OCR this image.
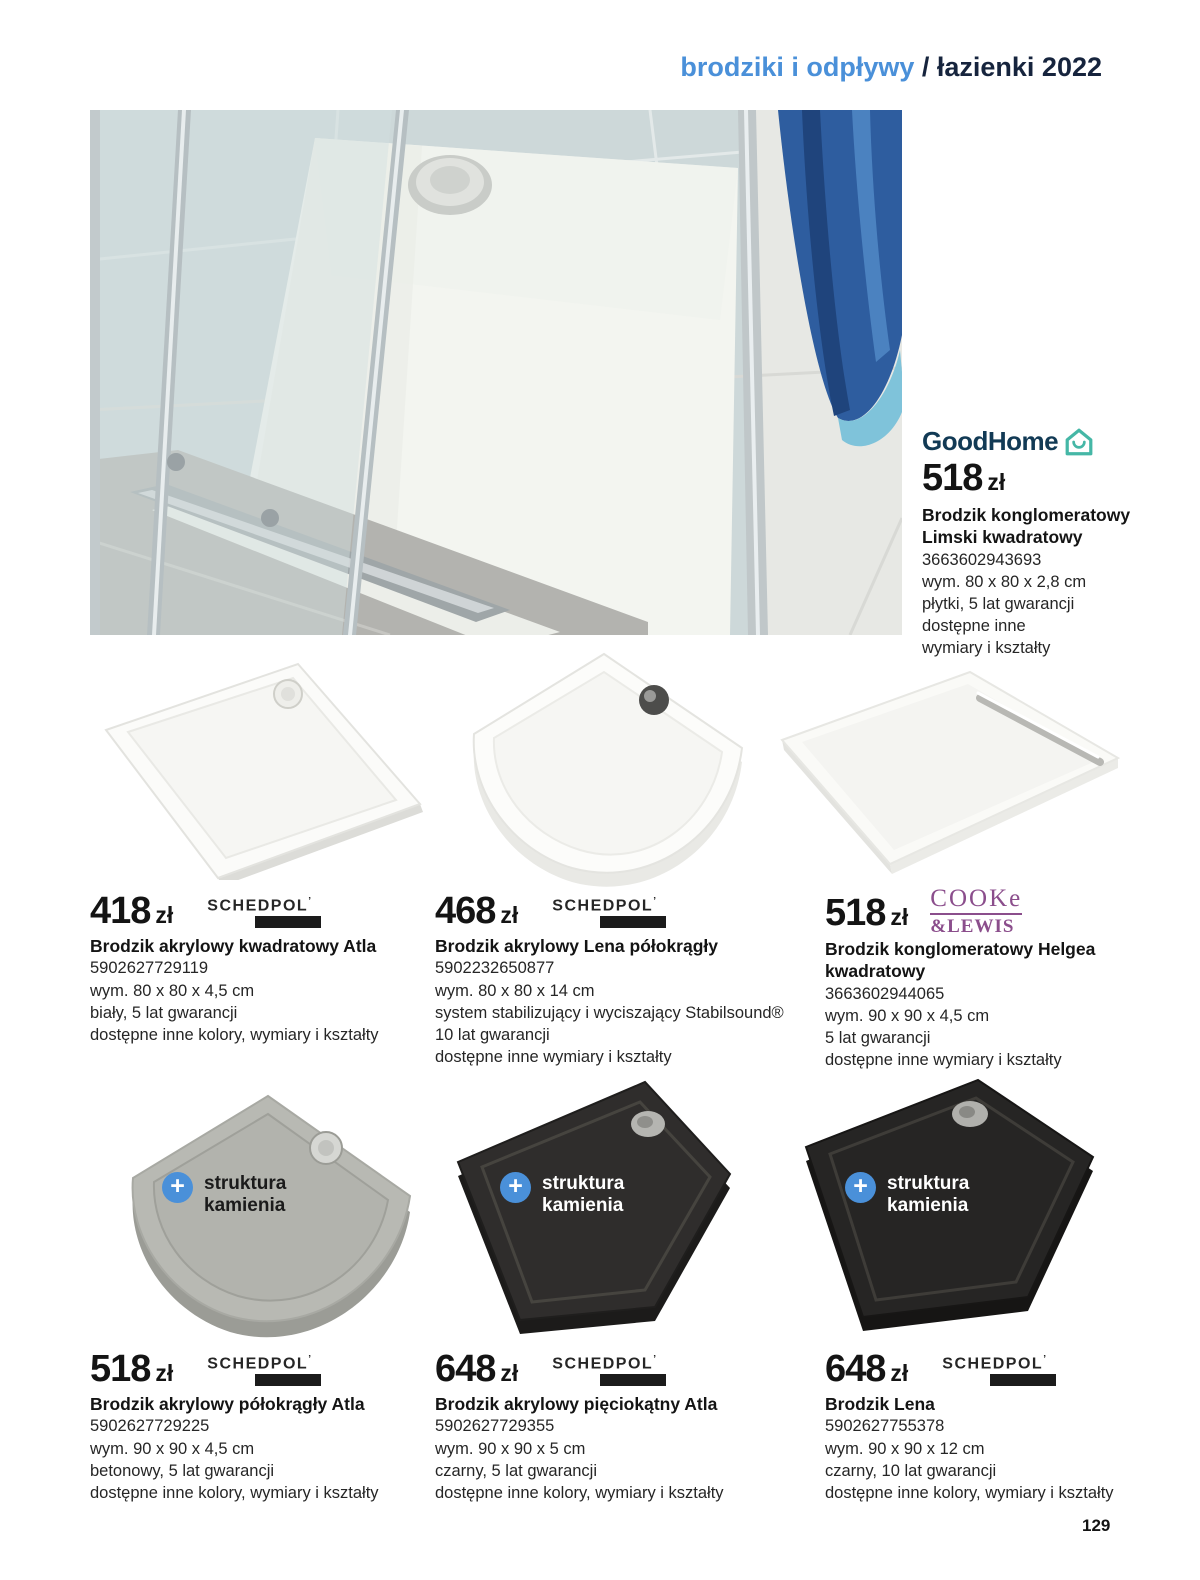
brodziki i odpływy / łazienki 2022
GoodHome
518 zł
Brodzik konglomeratowy
Limski kwadratowy
3663602943693
wym. 80 x 80 x 2,8 cm
płytki, 5 lat gwarancji
dostępne inne
wymiary i kształty
418 zł SCHEDPOL ’
Brodzik akrylowy kwadratowy Atla
5902627729119
wym. 80 x 80 x 4,5 cm
biały, 5 lat gwarancji
dostępne inne kolory, wymiary i kształty
468 zł SCHEDPOL ’
Brodzik akrylowy Lena półokrągły
5902232650877
wym. 80 x 80 x 14 cm
system stabilizujący i wyciszający Stabilsound®
10 lat gwarancji
dostępne inne wymiary i kształty
518 zł
COOKe
&LEWIS
Brodzik konglomeratowy Helgea kwadratowy
3663602944065
wym. 90 x 90 x 4,5 cm
5 lat gwarancji
dostępne inne wymiary i kształty
+	struktura
kamienia
+	struktura
kamienia
+	struktura
kamienia
518 zł SCHEDPOL ’
Brodzik akrylowy półokrągły Atla
5902627729225
wym. 90 x 90 x 4,5 cm
betonowy, 5 lat gwarancji
dostępne inne kolory, wymiary i kształty
648 zł SCHEDPOL ’
Brodzik akrylowy pięciokątny Atla
5902627729355
wym. 90 x 90 x 5 cm
czarny, 5 lat gwarancji
dostępne inne kolory, wymiary i kształty
648 zł SCHEDPOL ’
Brodzik Lena
5902627755378
wym. 90 x 90 x 12 cm
czarny, 10 lat gwarancji
dostępne inne kolory, wymiary i kształty
129
